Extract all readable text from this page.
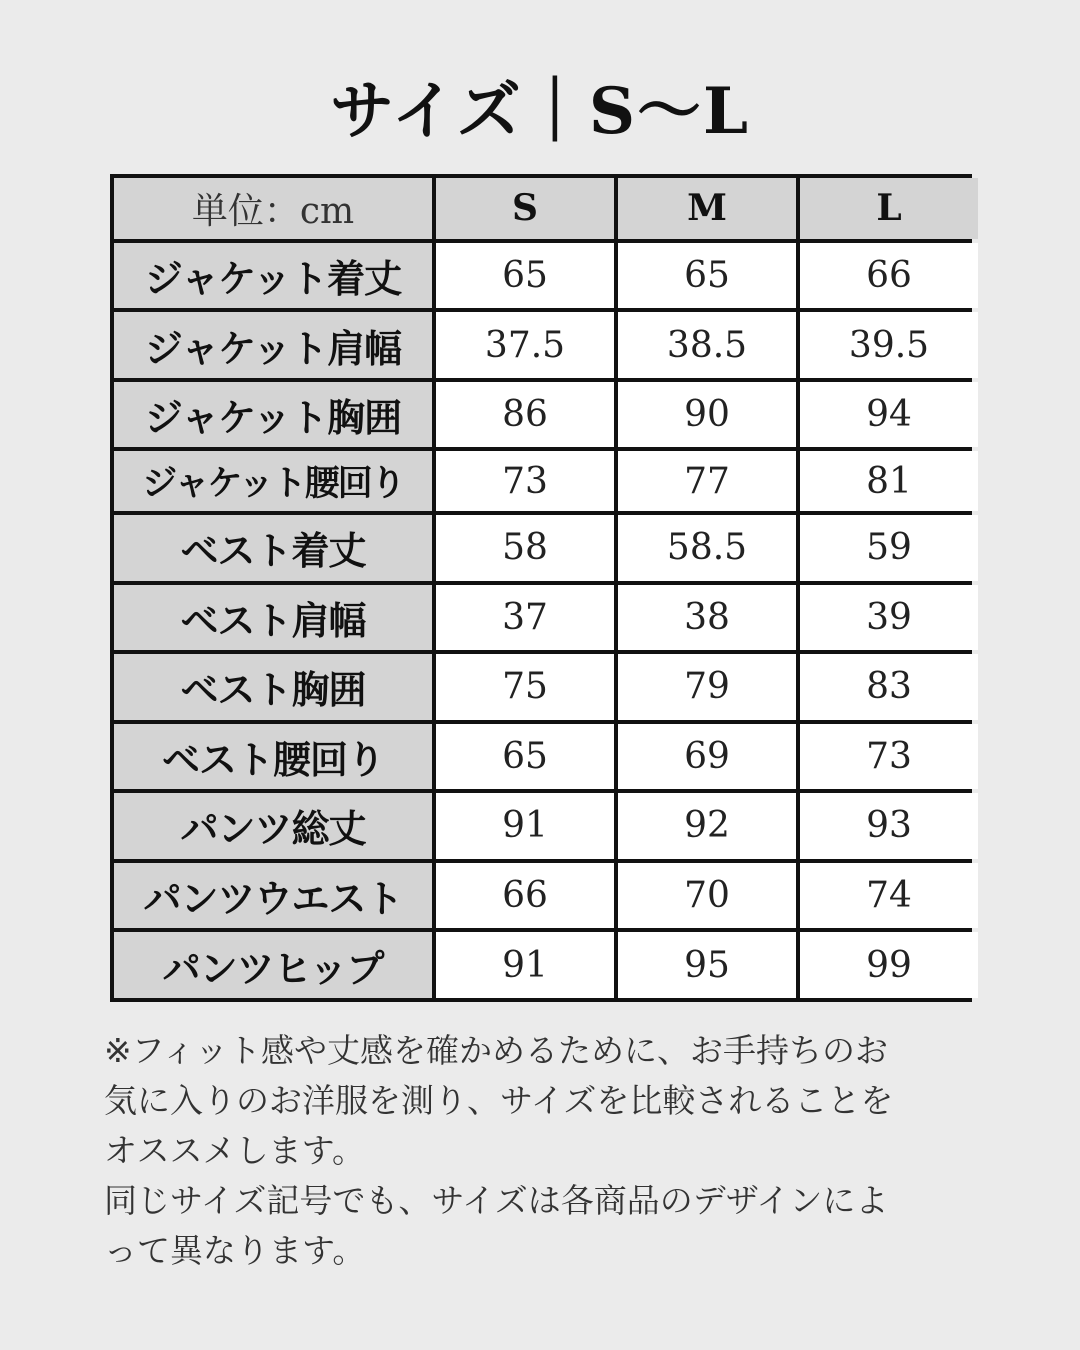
サイズ｜S〜L
単位：cm	S	M	L
ジャケット着丈	65	65	66
ジャケット肩幅	37.5	38.5	39.5
ジャケット胸囲	86	90	94
ジャケット腰回り	73	77	81
ベスト着丈	58	58.5	59
ベスト肩幅	37	38	39
ベスト胸囲	75	79	83
ベスト腰回り	65	69	73
パンツ総丈	91	92	93
パンツウエスト	66	70	74
パンツヒップ	91	95	99

※フィット感や丈感を確かめるために、お手持ちのお

気に入りのお洋服を測り、サイズを比較されることを

オススメします。

同じサイズ記号でも、サイズは各商品のデザインによ

って異なります。
